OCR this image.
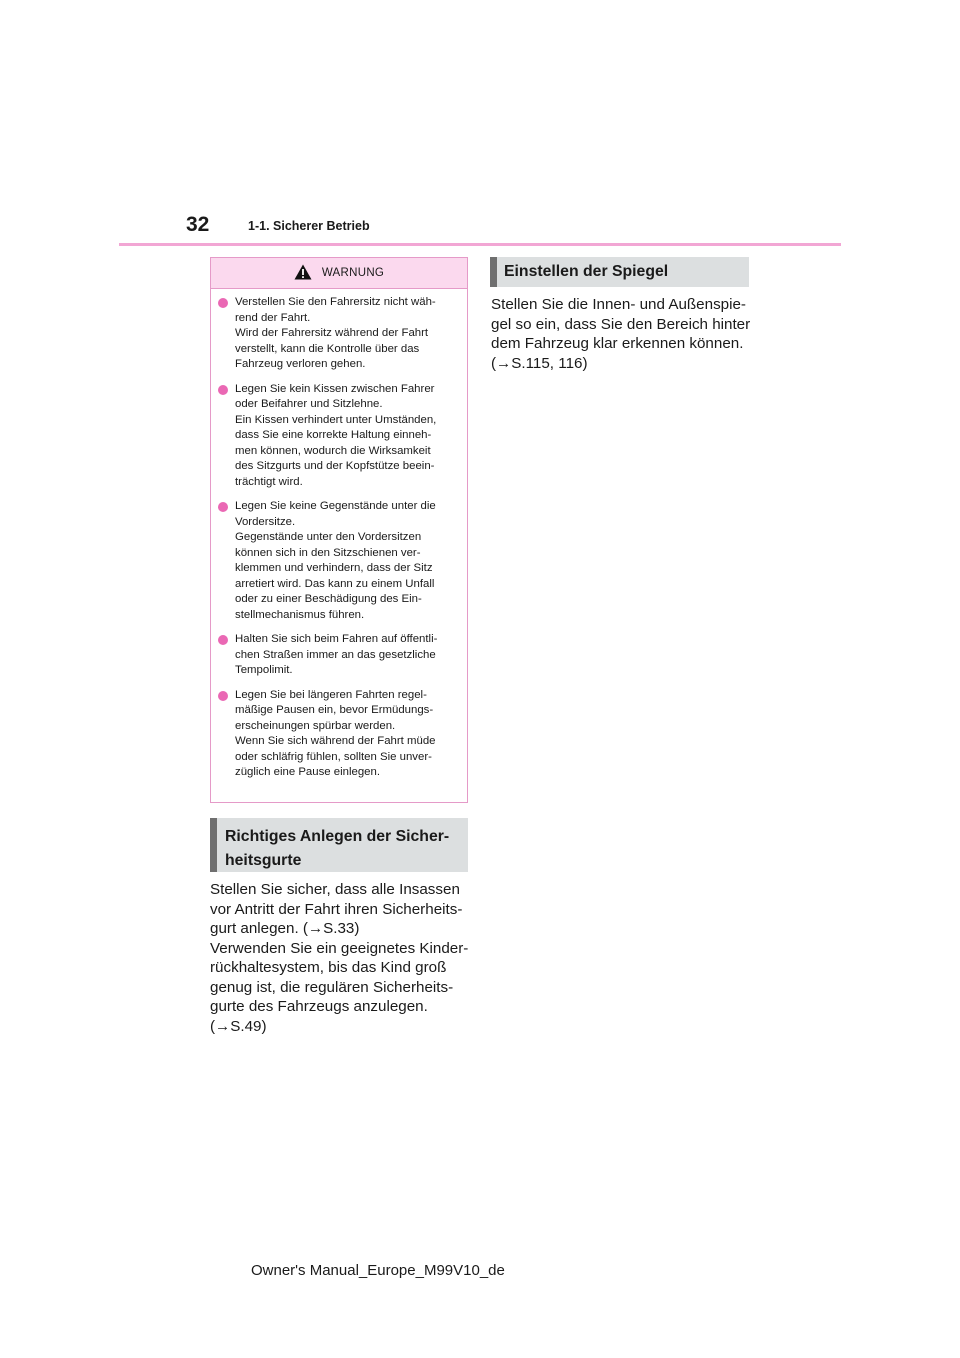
32	1-1. Sicherer Betrieb
WARNUNG
Verstellen Sie den Fahrersitz nicht wäh-
rend der Fahrt.
Wird der Fahrersitz während der Fahrt
verstellt, kann die Kontrolle über das
Fahrzeug verloren gehen.
Legen Sie kein Kissen zwischen Fahrer
oder Beifahrer und Sitzlehne.
Ein Kissen verhindert unter Umständen,
dass Sie eine korrekte Haltung einneh-
men können, wodurch die Wirksamkeit
des Sitzgurts und der Kopfstütze beein-
trächtigt wird.
Legen Sie keine Gegenstände unter die
Vordersitze.
Gegenstände unter den Vordersitzen
können sich in den Sitzschienen ver-
klemmen und verhindern, dass der Sitz
arretiert wird. Das kann zu einem Unfall
oder zu einer Beschädigung des Ein-
stellmechanismus führen.
Halten Sie sich beim Fahren auf öffentli-
chen Straßen immer an das gesetzliche
Tempolimit.
Legen Sie bei längeren Fahrten regel-
mäßige Pausen ein, bevor Ermüdungs-
erscheinungen spürbar werden.
Wenn Sie sich während der Fahrt müde
oder schläfrig fühlen, sollten Sie unver-
züglich eine Pause einlegen.
Richtiges Anlegen der Sicher-
heitsgurte
Stellen Sie sicher, dass alle Insassen
vor Antritt der Fahrt ihren Sicherheits-
gurt anlegen. (→S.33)
Verwenden Sie ein geeignetes Kinder-
rückhaltesystem, bis das Kind groß
genug ist, die regulären Sicherheits-
gurte des Fahrzeugs anzulegen.
(→S.49)
Einstellen der Spiegel
Stellen Sie die Innen- und Außenspie-
gel so ein, dass Sie den Bereich hinter
dem Fahrzeug klar erkennen können.
(→S.115, 116)
Owner's Manual_Europe_M99V10_de
